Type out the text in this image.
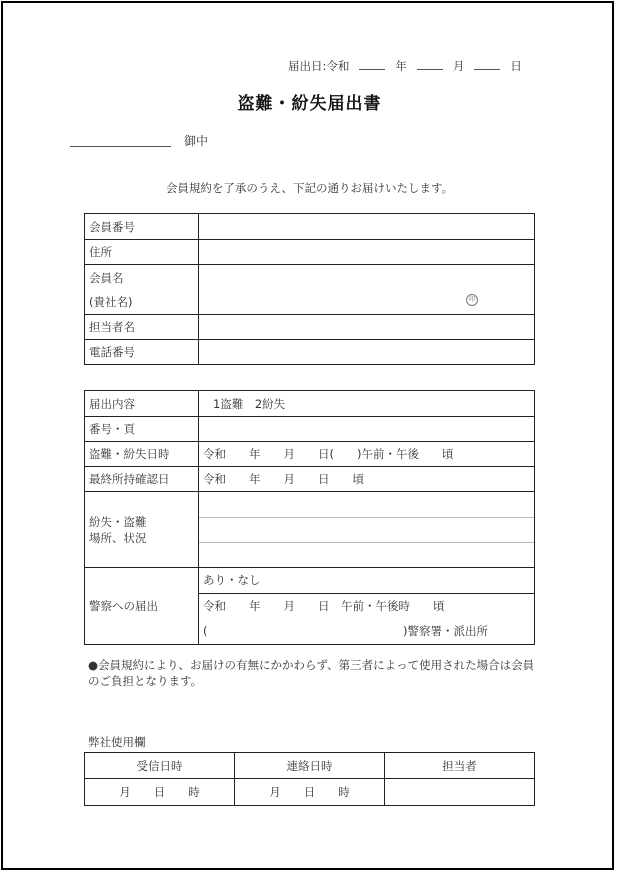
届出日:令和	年	月	日
盗難・紛失届出書
御中
会員規約を了承のうえ、下記の通りお届けいたします。
会員番号	
住所	

会員名
(貴社名)	印

担当者名	
電話番号	
届出内容	1盗難　2紛失
番号・頁	
盗難・紛失日時	令和　　年　　月　　日(　　)午前・午後　　頃
最終所持確認日	令和　　年　　月　　日　　頃

紛失・盗難
場所、状況	

警察への届出	あり・なし
令和　　年　　月　　日　午前・午後時　　頃
(　　　　　　　　　　　　　　　　　)警察署・派出所
●会員規約により、お届けの有無にかかわらず、第三者によって使用された場合は会員のご負担となります。
弊社使用欄
受信日時	連絡日時	担当者
月　　日　　時	月　　日　　時	
